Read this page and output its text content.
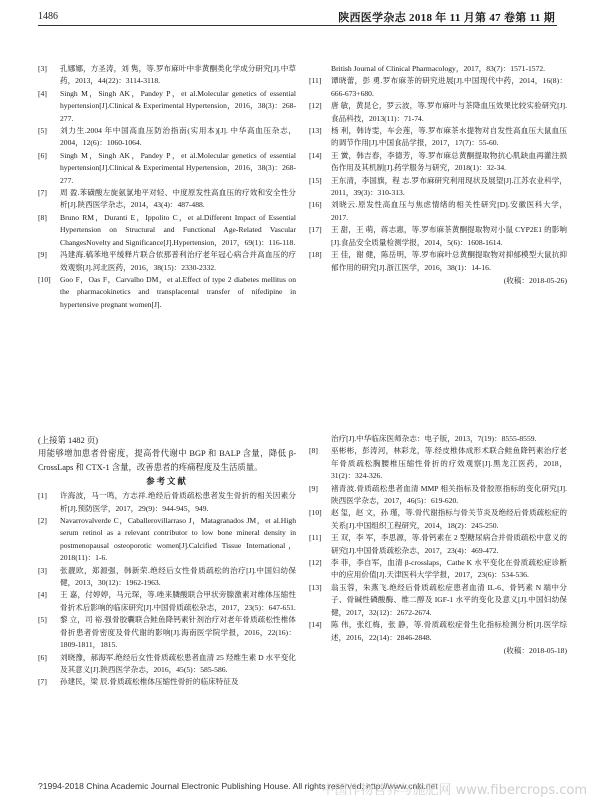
1486	陕西医学杂志 2018 年 11 月第 47 卷第 11 期
[3] 孔娜娜，方圣涛，刘 隽，等.罗布麻叶中非黄酮类化学成分研究[J].中草药，2013，44(22)：3114-3118.
[4] Singh M，Singh AK，Pandey P，et al.Molecular genetics of essential hypertension[J].Clinical & Experimental Hypertension，2016，38(3)：268-277.
[5] 刘力生.2004 年中国高血压防治指南(实用本)[J]. 中华高血压杂志，2004，12(6)：1060-1064.
[6] Singh M，Singh AK，Pandey P，et al.Molecular genetics of essential hypertension[J].Clinical & Experimental Hypertension，2016，38(3)：268-277.
[7] 周 盈.苯磺酸左旋氨氯地平对轻、中度原发性高血压的疗效和安全性分析[J].陕西医学杂志，2014，43(4)：487-488.
[8] Bruno RM，Duranti E，Ippolito C，et al.Different Impact of Essential Hypertension on Structural and Functional Age-Related Vascular ChangesNovelty and Significance[J].Hypertension，2017，69(1)：116-118.
[9] 冯建海.稿苯地平缓释片联合依那普利治疗老年冠心病合并高血压的疗效观察[J].河北医药，2016，38(15)：2330-2332.
[10] Goo F，Oas F，Carvalho DM，et al.Effect of type 2 diabetes mellitus on the pharmacokinetics and transplacental transfer of nifedipine in hypertensive pregnant women[J].
British Journal of Clinical Pharmacology，2017，83(7)：1571-1572.
[11] 谭晓蕾，彭 勇.罗布麻茶的研究进展[J].中国现代中药，2014，16(8)：666-673+680.
[12] 唐 敏，黄昆仑，罗云波，等.罗布麻叶与茶降血压效果比较实验研究[J].食品科技，2013(11)：71-74.
[13] 杨 利，韩诗雯，车会莲，等.罗布麻茶水提物对自发性高血压大鼠血压的调节作用[J].中国食品学报，2017，17(7)：55-60.
[14] 王 黉，韩吉春，李德芳，等.罗布麻总黄酮提取物抗心肌缺血再灌注损伤作用及其机制[J].药学服务与研究，2018(1)：32-34.
[15] 王东清，李国旗，程 志.罗布麻研究利用现状及展望[J].江苏农业科学，2011，39(3)：310-313.
[16] 刘晓云.原发性高血压与焦虑情绪的相关性研究[D].安徽医科大学，2017.
[17] 王 甜，王 萌，蒋志惠，等.罗布麻茶黄酮提取物对小鼠 CYP2E1 的影响[J].食品安全质量检测学报，2014，5(6)：1608-1614.
[18] 王 佳，谢 健，陈岳明，等.罗布麻叶总黄酮提取物对抑郁模型大鼠抗抑郁作用的研究[J].浙江医学，2016，38(1)：14-16.
(收稿：2018-05-26)
(上接第 1482 页)
用能够增加患者骨密度，提高骨代谢中 BGP 和 BALP 含量，降低 β-CrossLaps 和 CTX-1 含量，改善患者的疼痛程度及生活质量。
参考文献
[1] 许海波，马一鸣，方志祥.绝经后骨质疏松患者发生骨折的相关因素分析[J].预防医学，2017，29(9)：944-945，949.
[2] Navarrovalverde C，Caballerovillarraso J，Matagranados JM，et al.High serum retinol as a relevant contributor to low bone mineral density in postmenopausal osteoporotic women[J].Calcified Tissue International，2018(11)：1-6.
[3] 张靓欧，郑源强，韩新荣.绝经后女性骨质疏松的治疗[J].中国妇幼保健，2013，30(12)：1962-1963.
[4] 王 嘉，付婷婷，马元琛，等.唑来膦酸联合甲状旁腺激素对维体压缩性骨折术后影响的临床研究[J].中国骨质疏松杂志，2017，23(5)：647-651.
[5] 黎 立，司 裕.强骨胶囊联合鲑鱼降钙素针剂治疗对老年骨质疏松性椎体骨折患者骨密度及骨代谢的影响[J].海南医学院学报，2016，22(16)：1809-1811，1815.
[6] 刘晓豫，郝海军.绝经后女性骨质疏松患者血清 25 羟维生素 D 水平变化及其意义[J].陕西医学杂志，2016，45(5)：585-586.
[7] 孙建民，梁 辰.骨质疏松椎体压缩性骨折的临床特征及
治疗[J].中华临床医师杂志：电子版，2013，7(19)：8555-8559.
[8] 巫彬彬，彭涛河，林彩龙，等.经皮椎体成形术联合鲑鱼降钙素治疗老年骨质疏松胸腰椎压缩性骨折的疗效观察[J].黑龙江医药，2018，31(2)：324-326.
[9] 褚青波.骨质疏松患者血清 MMP 相关指标及骨胶原指标的变化研究[J].陕西医学杂志，2017，46(5)：619-620.
[10] 赵 玺，赵 文，孙 瑾，等.骨代谢指标与骨关节炎及绝经后骨质疏松症的关系[J].中国组织工程研究，2014，18(2)：245-250.
[11] 王 双，李 军，李思源，等.骨钙素在 2 型糖尿病合并骨质疏松中意义的研究[J].中国骨质疏松杂志，2017，23(4)：469-472.
[12] 李 菲，李自军，血清 β-crosslaps，Cathe K 水平变化在骨质疏松症诊断中的应用价值[J].天津医科大学学报，2017，23(6)：534-536.
[13] 翁玉蓉，朱燕飞.绝经后骨质疏松症患者血清 IL-6、骨钙素 N 端中分子、骨碱性磷酸酶、维二醇及 IGF-1 水平的变化及意义[J].中国妇幼保健，2017，32(12)：2672-2674.
[14] 陈 伟，张红梅，张 静，等.骨质疏松症骨生化指标检测分析[J].医学综述，2016，22(14)：2846-2848.
(收稿：2018-05-18)
?1994-2018 China Academic Journal Electronic Publishing House. All rights reserved. http://www.cnki.net
中国作物营养与施肥网 www.fibercrops.com
